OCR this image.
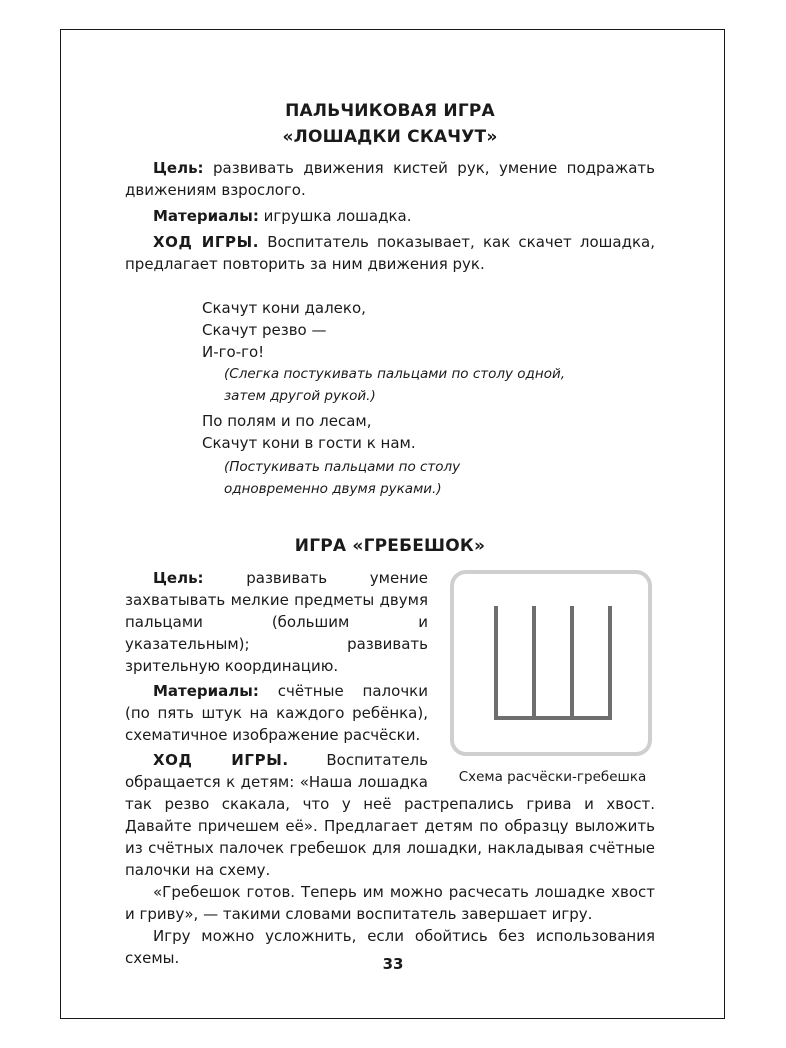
ПАЛЬЧИКОВАЯ ИГРА
«ЛОШАДКИ СКАЧУТ»

Цель: развивать движения кистей рук, умение подражать движениям взрослого.

Материалы: игрушка лошадка.

ХОД ИГРЫ. Воспитатель показывает, как скачет лошадка, предлагает повторить за ним движения рук.

Скачут кони далеко,

Скачут резво —

И-го-го!

(Слегка постукивать пальцами по столу одной,
затем другой рукой.)

По полям и по лесам,

Скачут кони в гости к нам.

(Постукивать пальцами по столу
одновременно двумя руками.)
ИГРА «ГРЕБЕШОК»
Схема расчёски-гребешка

Цель: развивать умение захватывать мелкие предметы двумя пальцами (большим и указательным); развивать зрительную координацию.

Материалы: счётные палочки (по пять штук на каждого ребёнка), схематичное изображение расчёски.

ХОД ИГРЫ. Воспитатель обращается к детям: «Наша лошадка так резво скакала, что у неё растрепались грива и хвост. Давайте причешем её». Предлагает детям по образцу выложить из счётных палочек гребешок для лошадки, накладывая счётные палочки на схему.

«Гребешок готов. Теперь им можно расчесать лошадке хвост и гриву», — такими словами воспитатель завершает игру.

Игру можно усложнить, если обойтись без использования схемы.	33
